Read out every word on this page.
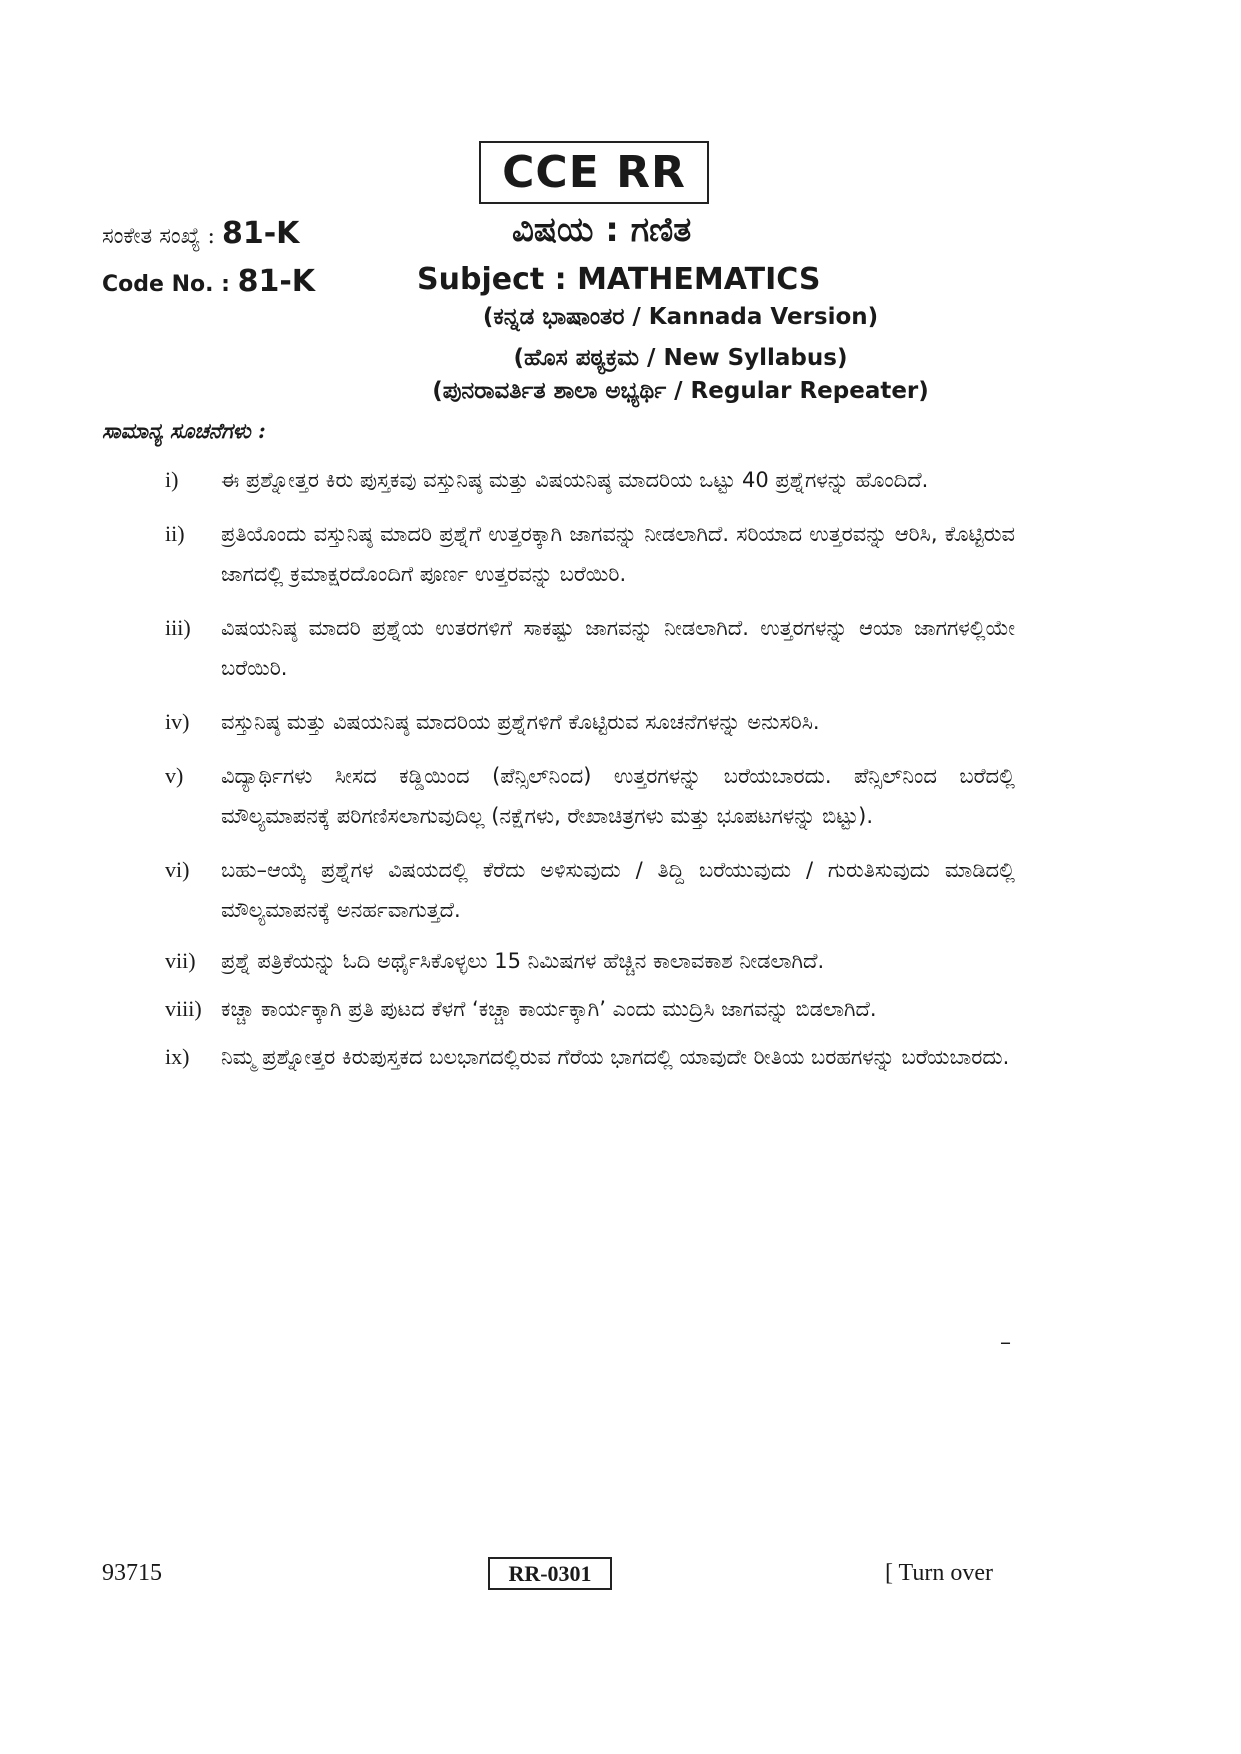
CCE RR
ಸಂಕೇತ ಸಂಖ್ಯೆ : 81-K	ವಿಷಯ : ಗಣಿತ
Code No. : 81-K	Subject : MATHEMATICS
(ಕನ್ನಡ ಭಾಷಾಂತರ / Kannada Version)
(ಹೊಸ ಪಠ್ಯಕ್ರಮ / New Syllabus)
(ಪುನರಾವರ್ತಿತ ಶಾಲಾ ಅಭ್ಯರ್ಥಿ / Regular Repeater)
ಸಾಮಾನ್ಯ ಸೂಚನೆಗಳು :
i)	ಈ ಪ್ರಶ್ನೋತ್ತರ ಕಿರು ಪುಸ್ತಕವು ವಸ್ತುನಿಷ್ಠ ಮತ್ತು ವಿಷಯನಿಷ್ಠ ಮಾದರಿಯ ಒಟ್ಟು 40 ಪ್ರಶ್ನೆಗಳನ್ನು ಹೊಂದಿದೆ.
ii)	ಪ್ರತಿಯೊಂದು ವಸ್ತುನಿಷ್ಠ ಮಾದರಿ ಪ್ರಶ್ನೆಗೆ ಉತ್ತರಕ್ಕಾಗಿ ಜಾಗವನ್ನು ನೀಡಲಾಗಿದೆ. ಸರಿಯಾದ ಉತ್ತರವನ್ನು ಆರಿಸಿ, ಕೊಟ್ಟಿರುವ ಜಾಗದಲ್ಲಿ ಕ್ರಮಾಕ್ಷರದೊಂದಿಗೆ ಪೂರ್ಣ ಉತ್ತರವನ್ನು ಬರೆಯಿರಿ.
iii)	ವಿಷಯನಿಷ್ಠ ಮಾದರಿ ಪ್ರಶ್ನೆಯ ಉತರಗಳಿಗೆ ಸಾಕಷ್ಟು ಜಾಗವನ್ನು ನೀಡಲಾಗಿದೆ. ಉತ್ತರಗಳನ್ನು ಆಯಾ ಜಾಗಗಳಲ್ಲಿಯೇ ಬರೆಯಿರಿ.
iv)	ವಸ್ತುನಿಷ್ಠ ಮತ್ತು ವಿಷಯನಿಷ್ಠ ಮಾದರಿಯ ಪ್ರಶ್ನೆಗಳಿಗೆ ಕೊಟ್ಟಿರುವ ಸೂಚನೆಗಳನ್ನು ಅನುಸರಿಸಿ.
v)	ವಿದ್ಯಾರ್ಥಿಗಳು ಸೀಸದ ಕಡ್ಡಿಯಿಂದ (ಪೆನ್ಸಿಲ್‌ನಿಂದ) ಉತ್ತರಗಳನ್ನು ಬರೆಯಬಾರದು. ಪೆನ್ಸಿಲ್‌ನಿಂದ ಬರೆದಲ್ಲಿ ಮೌಲ್ಯಮಾಪನಕ್ಕೆ ಪರಿಗಣಿಸಲಾಗುವುದಿಲ್ಲ (ನಕ್ಷೆಗಳು, ರೇಖಾಚಿತ್ರಗಳು ಮತ್ತು ಭೂಪಟಗಳನ್ನು ಬಿಟ್ಟು).
vi)	ಬಹು–ಆಯ್ಕೆ ಪ್ರಶ್ನೆಗಳ ವಿಷಯದಲ್ಲಿ ಕೆರೆದು ಅಳಿಸುವುದು / ತಿದ್ದಿ ಬರೆಯುವುದು / ಗುರುತಿಸುವುದು ಮಾಡಿದಲ್ಲಿ ಮೌಲ್ಯಮಾಪನಕ್ಕೆ ಅನರ್ಹವಾಗುತ್ತದೆ.
vii)	ಪ್ರಶ್ನೆ ಪತ್ರಿಕೆಯನ್ನು ಓದಿ ಅರ್ಥೈಸಿಕೊಳ್ಳಲು 15 ನಿಮಿಷಗಳ ಹೆಚ್ಚಿನ ಕಾಲಾವಕಾಶ ನೀಡಲಾಗಿದೆ.
viii) ಕಚ್ಚಾ ಕಾರ್ಯಕ್ಕಾಗಿ ಪ್ರತಿ ಪುಟದ ಕೆಳಗೆ ‘ಕಚ್ಚಾ ಕಾರ್ಯಕ್ಕಾಗಿ’ ಎಂದು ಮುದ್ರಿಸಿ ಜಾಗವನ್ನು ಬಿಡಲಾಗಿದೆ.
ix)	ನಿಮ್ಮ ಪ್ರಶ್ನೋತ್ತರ ಕಿರುಪುಸ್ತಕದ ಬಲಭಾಗದಲ್ಲಿರುವ ಗೆರೆಯ ಭಾಗದಲ್ಲಿ ಯಾವುದೇ ರೀತಿಯ ಬರಹಗಳನ್ನು ಬರೆಯಬಾರದು.
–
93715	RR-0301	[ Turn over
